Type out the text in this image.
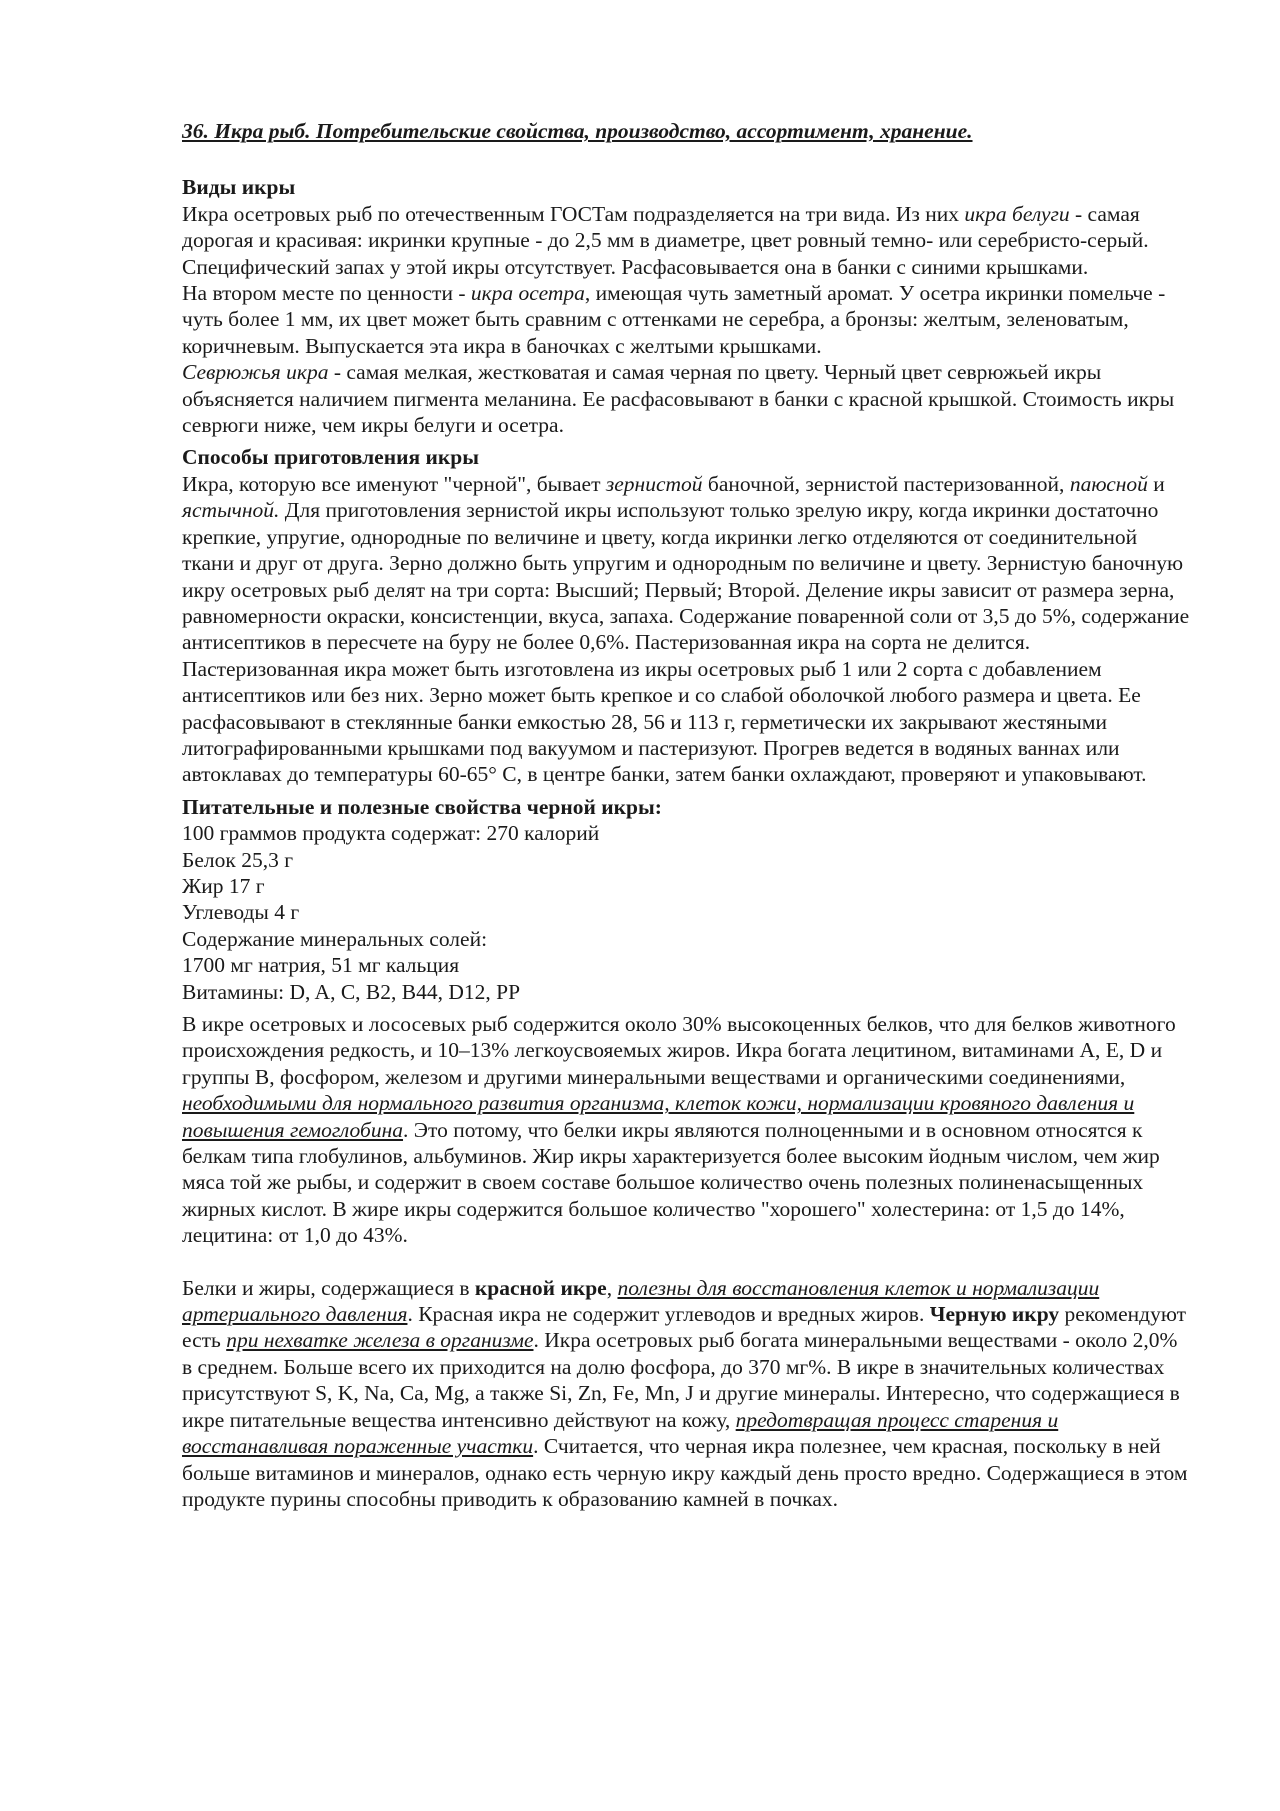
36. Икра рыб. Потребительские свойства, производство, ассортимент, хранение.

Виды икры

Икра осетровых рыб по отечественным ГОСТам подразделяется на три вида. Из них икра белуги - самая дорогая и красивая: икринки крупные - до 2,5 мм в диаметре, цвет ровный темно- или серебристо-серый. Специфический запах у этой икры отсутствует. Расфасовывается она в банки с синими крышками.

На втором месте по ценности - икра осетра, имеющая чуть заметный аромат. У осетра икринки помельче - чуть более 1 мм, их цвет может быть сравним с оттенками не серебра, а бронзы: желтым, зеленоватым, коричневым. Выпускается эта икра в баночках с желтыми крышками.

Севрюжья икра - самая мелкая, жестковатая и самая черная по цвету. Черный цвет севрюжьей икры объясняется наличием пигмента меланина. Ее расфасовывают в банки с красной крышкой. Стоимость икры севрюги ниже, чем икры белуги и осетра.

Способы приготовления икры

Икра, которую все именуют "черной", бывает зернистой баночной, зернистой пастеризованной, паюсной и ястычной. Для приготовления зернистой икры используют только зрелую икру, когда икринки достаточно крепкие, упругие, однородные по величине и цвету, когда икринки легко отделяются от соединительной ткани и друг от друга. Зерно должно быть упругим и однородным по величине и цвету. Зернистую баночную икру осетровых рыб делят на три сорта: Высший; Первый; Второй. Деление икры зависит от размера зерна, равномерности окраски, консистенции, вкуса, запаха. Содержание поваренной соли от 3,5 до 5%, содержание антисептиков в пересчете на буру не более 0,6%. Пастеризованная икра на сорта не делится. Пастеризованная икра может быть изготовлена из икры осетровых рыб 1 или 2 сорта с добавлением антисептиков или без них. Зерно может быть крепкое и со слабой оболочкой любого размера и цвета. Ее расфасовывают в стеклянные банки емкостью 28, 56 и 113 г, герметически их закрывают жестяными литографированными крышками под вакуумом и пастеризуют. Прогрев ведется в водяных ваннах или автоклавах до температуры 60-65° С, в центре банки, затем банки охлаждают, проверяют и упаковывают.

Питательные и полезные свойства черной икры:

100 граммов продукта содержат: 270 калорий

Белок 25,3 г

Жир 17 г

Углеводы 4 г

Содержание минеральных солей:

1700 мг натрия, 51 мг кальция

Витамины: D, A, C, B2, B44, D12, PP

В икре осетровых и лососевых рыб содержится около 30% высокоценных белков, что для белков животного происхождения редкость, и 10–13% легкоусвояемых жиров. Икра богата лецитином, витаминами А, Е, D и группы В, фосфором, железом и другими минеральными веществами и органическими соединениями, необходимыми для нормального развития организма, клеток кожи, нормализации кровяного давления и повышения гемоглобина. Это потому, что белки икры являются полноценными и в основном относятся к белкам типа глобулинов, альбуминов. Жир икры характеризуется более высоким йодным числом, чем жир мяса той же рыбы, и содержит в своем составе большое количество очень полезных полиненасыщенных жирных кислот. В жире икры содержится большое количество "хорошего" холестерина: от 1,5 до 14%, лецитина: от 1,0 до 43%.

Белки и жиры, содержащиеся в красной икре, полезны для восстановления клеток и нормализации артериального давления. Красная икра не содержит углеводов и вредных жиров. Черную икру рекомендуют есть при нехватке железа в организме. Икра осетровых рыб богата минеральными веществами - около 2,0% в среднем. Больше всего их приходится на долю фосфора, до 370 мг%. В икре в значительных количествах присутствуют S, K, Na, Ca, Mg, а также Si, Zn, Fe, Mn, J и другие минералы. Интересно, что содержащиеся в икре питательные вещества интенсивно действуют на кожу, предотвращая процесс старения и восстанавливая пораженные участки. Считается, что черная икра полезнее, чем красная, поскольку в ней больше витаминов и минералов, однако есть черную икру каждый день просто вредно. Содержащиеся в этом продукте пурины способны приводить к образованию камней в почках.
